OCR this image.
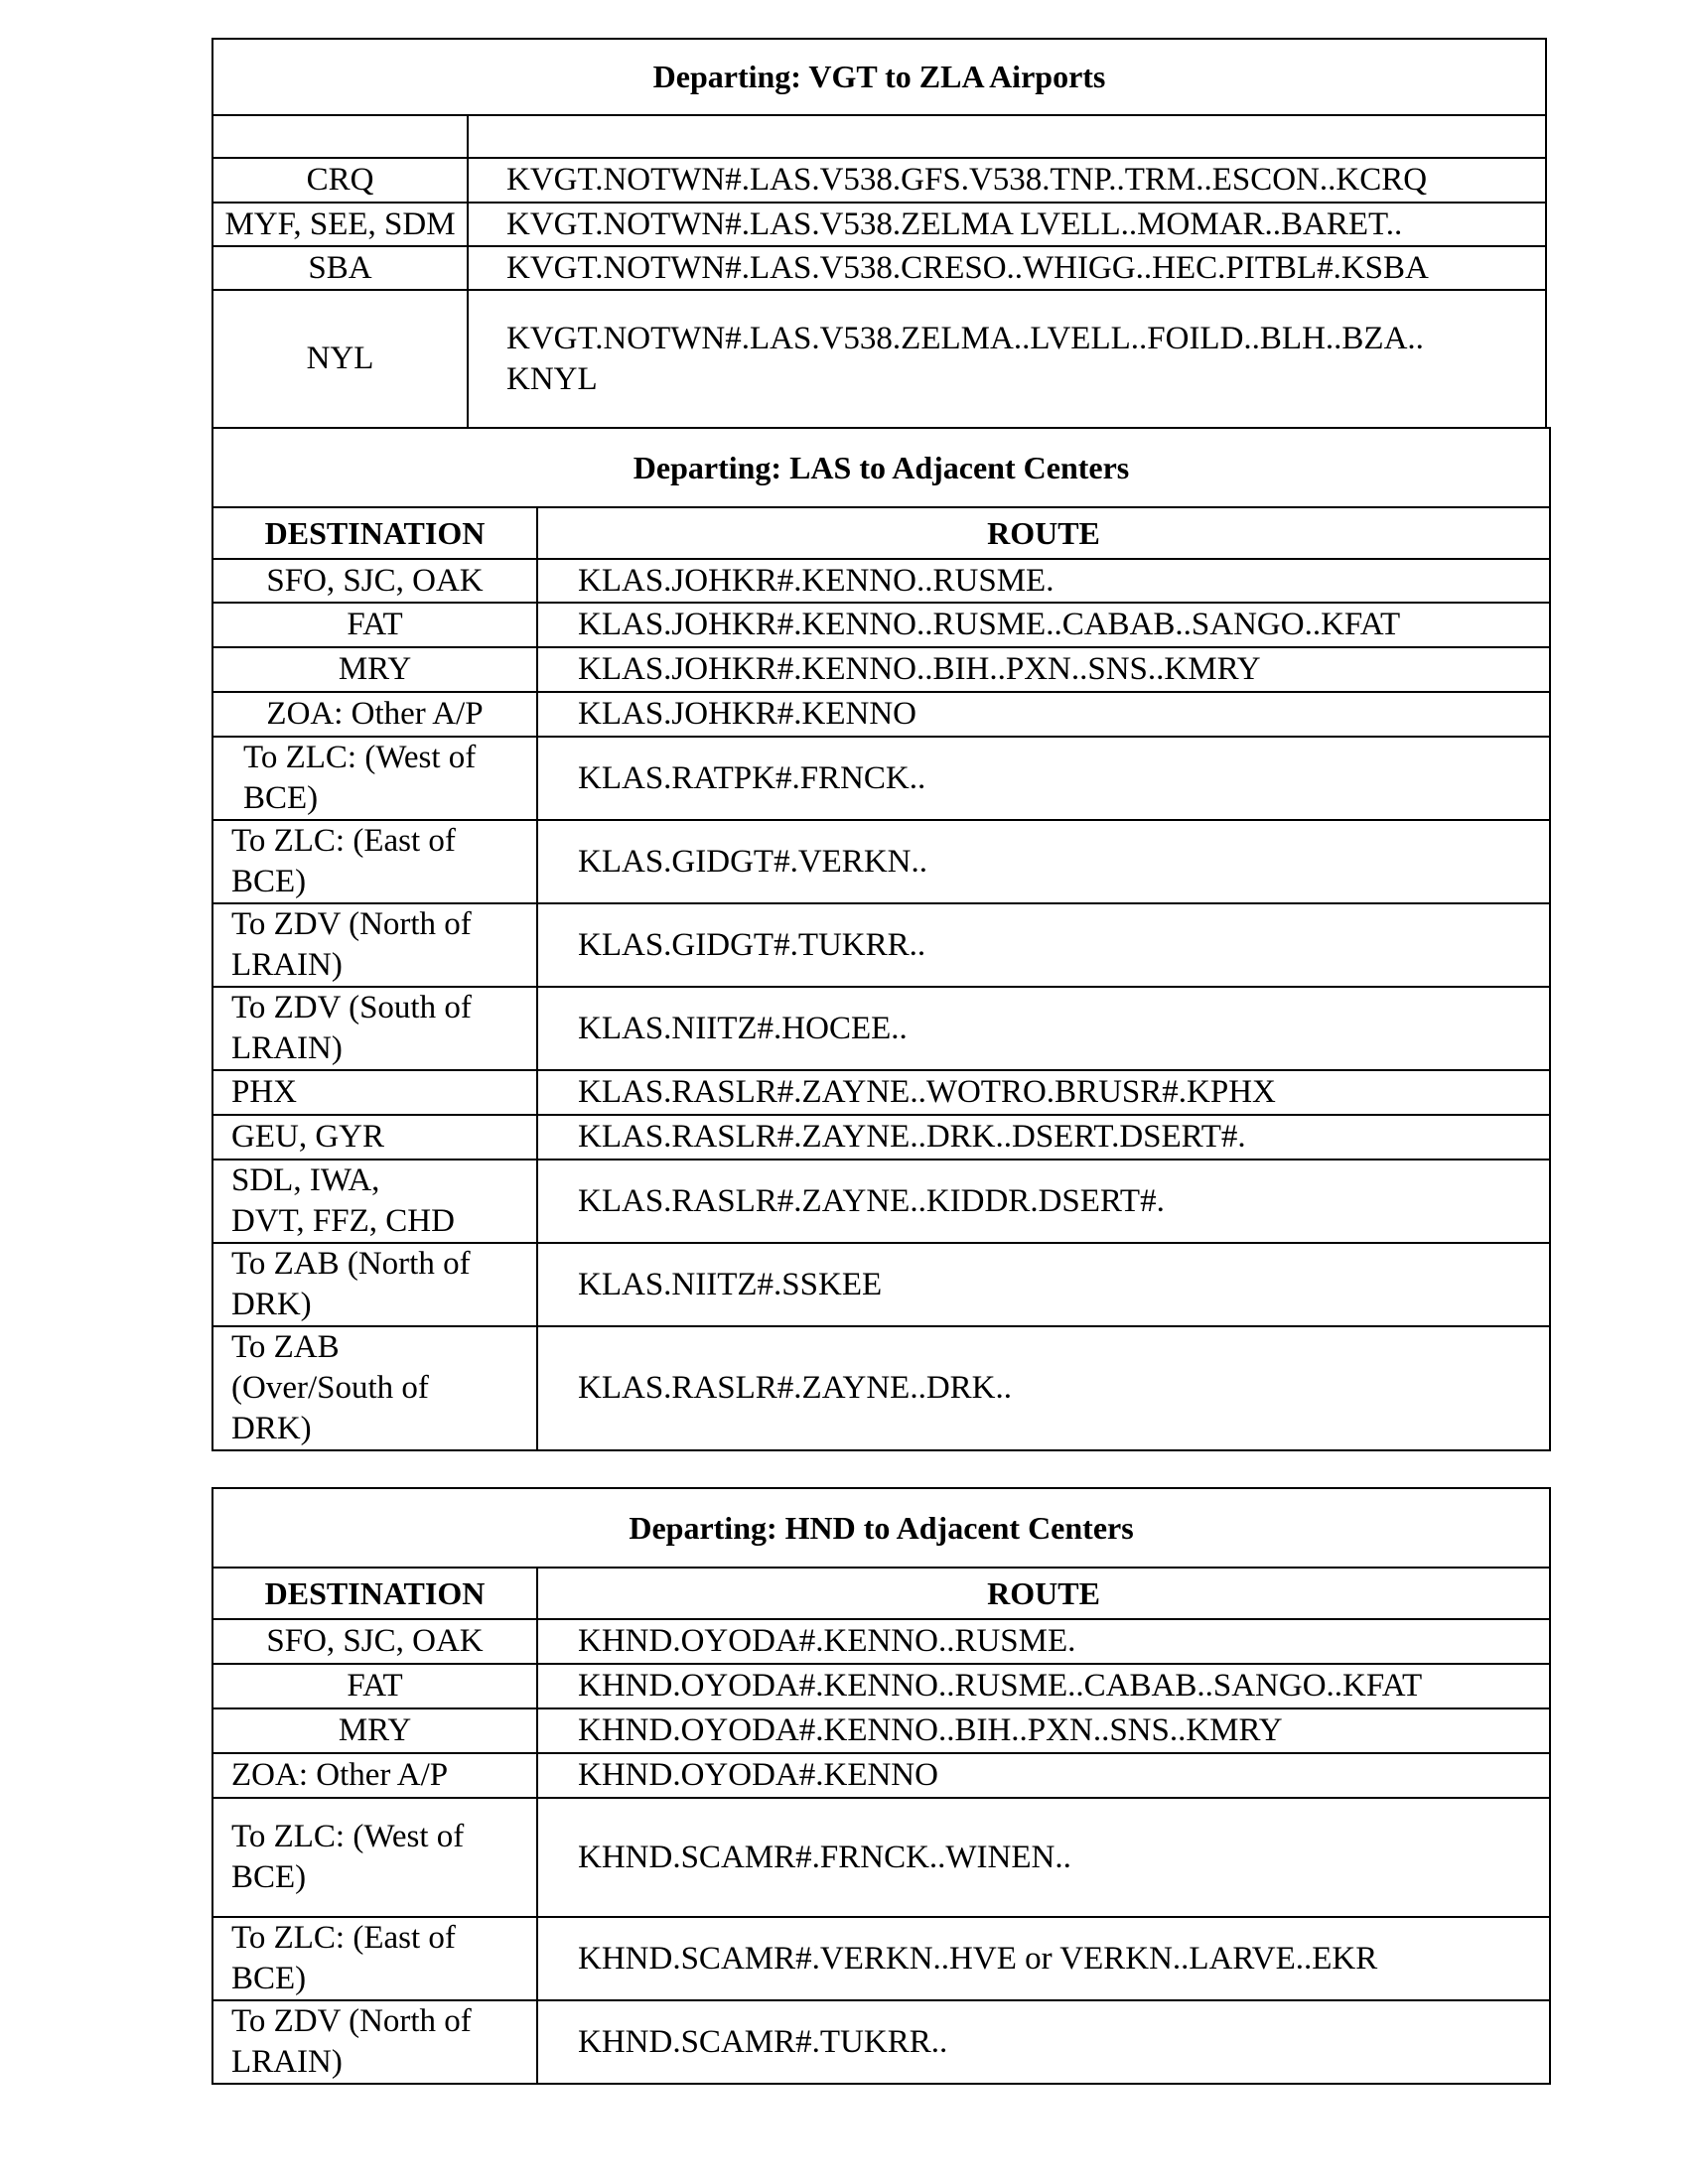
Departing: VGT to ZLA Airports	

CRQ	KVGT.NOTWN#.LAS.V538.GFS.V538.TNP..TRM..ESCON..KCRQ
MYF, SEE, SDM	KVGT.NOTWN#.LAS.V538.ZELMA LVELL..MOMAR..BARET..
SBA	KVGT.NOTWN#.LAS.V538.CRESO..WHIGG..HEC.PITBL#.KSBA
NYL	KVGT.NOTWN#.LAS.V538.ZELMA..LVELL..FOILD..BLH..BZA.. KNYL
Departing: LAS to Adjacent Centers	
DESTINATION	ROUTE
SFO, SJC, OAK	KLAS.JOHKR#.KENNO..RUSME.
FAT	KLAS.JOHKR#.KENNO..RUSME..CABAB..SANGO..KFAT
MRY	KLAS.JOHKR#.KENNO..BIH..PXN..SNS..KMRY
ZOA: Other A/P	KLAS.JOHKR#.KENNO
To ZLC: (West of BCE)	KLAS.RATPK#.FRNCK..
To ZLC: (East of BCE)	KLAS.GIDGT#.VERKN..
To ZDV (North of LRAIN)	KLAS.GIDGT#.TUKRR..
To ZDV (South of LRAIN)	KLAS.NIITZ#.HOCEE..
PHX	KLAS.RASLR#.ZAYNE..WOTRO.BRUSR#.KPHX
GEU, GYR	KLAS.RASLR#.ZAYNE..DRK..DSERT.DSERT#.
SDL, IWA, DVT, FFZ, CHD	KLAS.RASLR#.ZAYNE..KIDDR.DSERT#.
To ZAB (North of DRK)	KLAS.NIITZ#.SSKEE
To ZAB (Over/South of DRK)	KLAS.RASLR#.ZAYNE..DRK..
Departing: HND to Adjacent Centers	
DESTINATION	ROUTE
SFO, SJC, OAK	KHND.OYODA#.KENNO..RUSME.
FAT	KHND.OYODA#.KENNO..RUSME..CABAB..SANGO..KFAT
MRY	KHND.OYODA#.KENNO..BIH..PXN..SNS..KMRY
ZOA: Other A/P	KHND.OYODA#.KENNO
To ZLC: (West of BCE)	KHND.SCAMR#.FRNCK..WINEN..
To ZLC: (East of BCE)	KHND.SCAMR#.VERKN..HVE or VERKN..LARVE..EKR
To ZDV (North of LRAIN)	KHND.SCAMR#.TUKRR..
